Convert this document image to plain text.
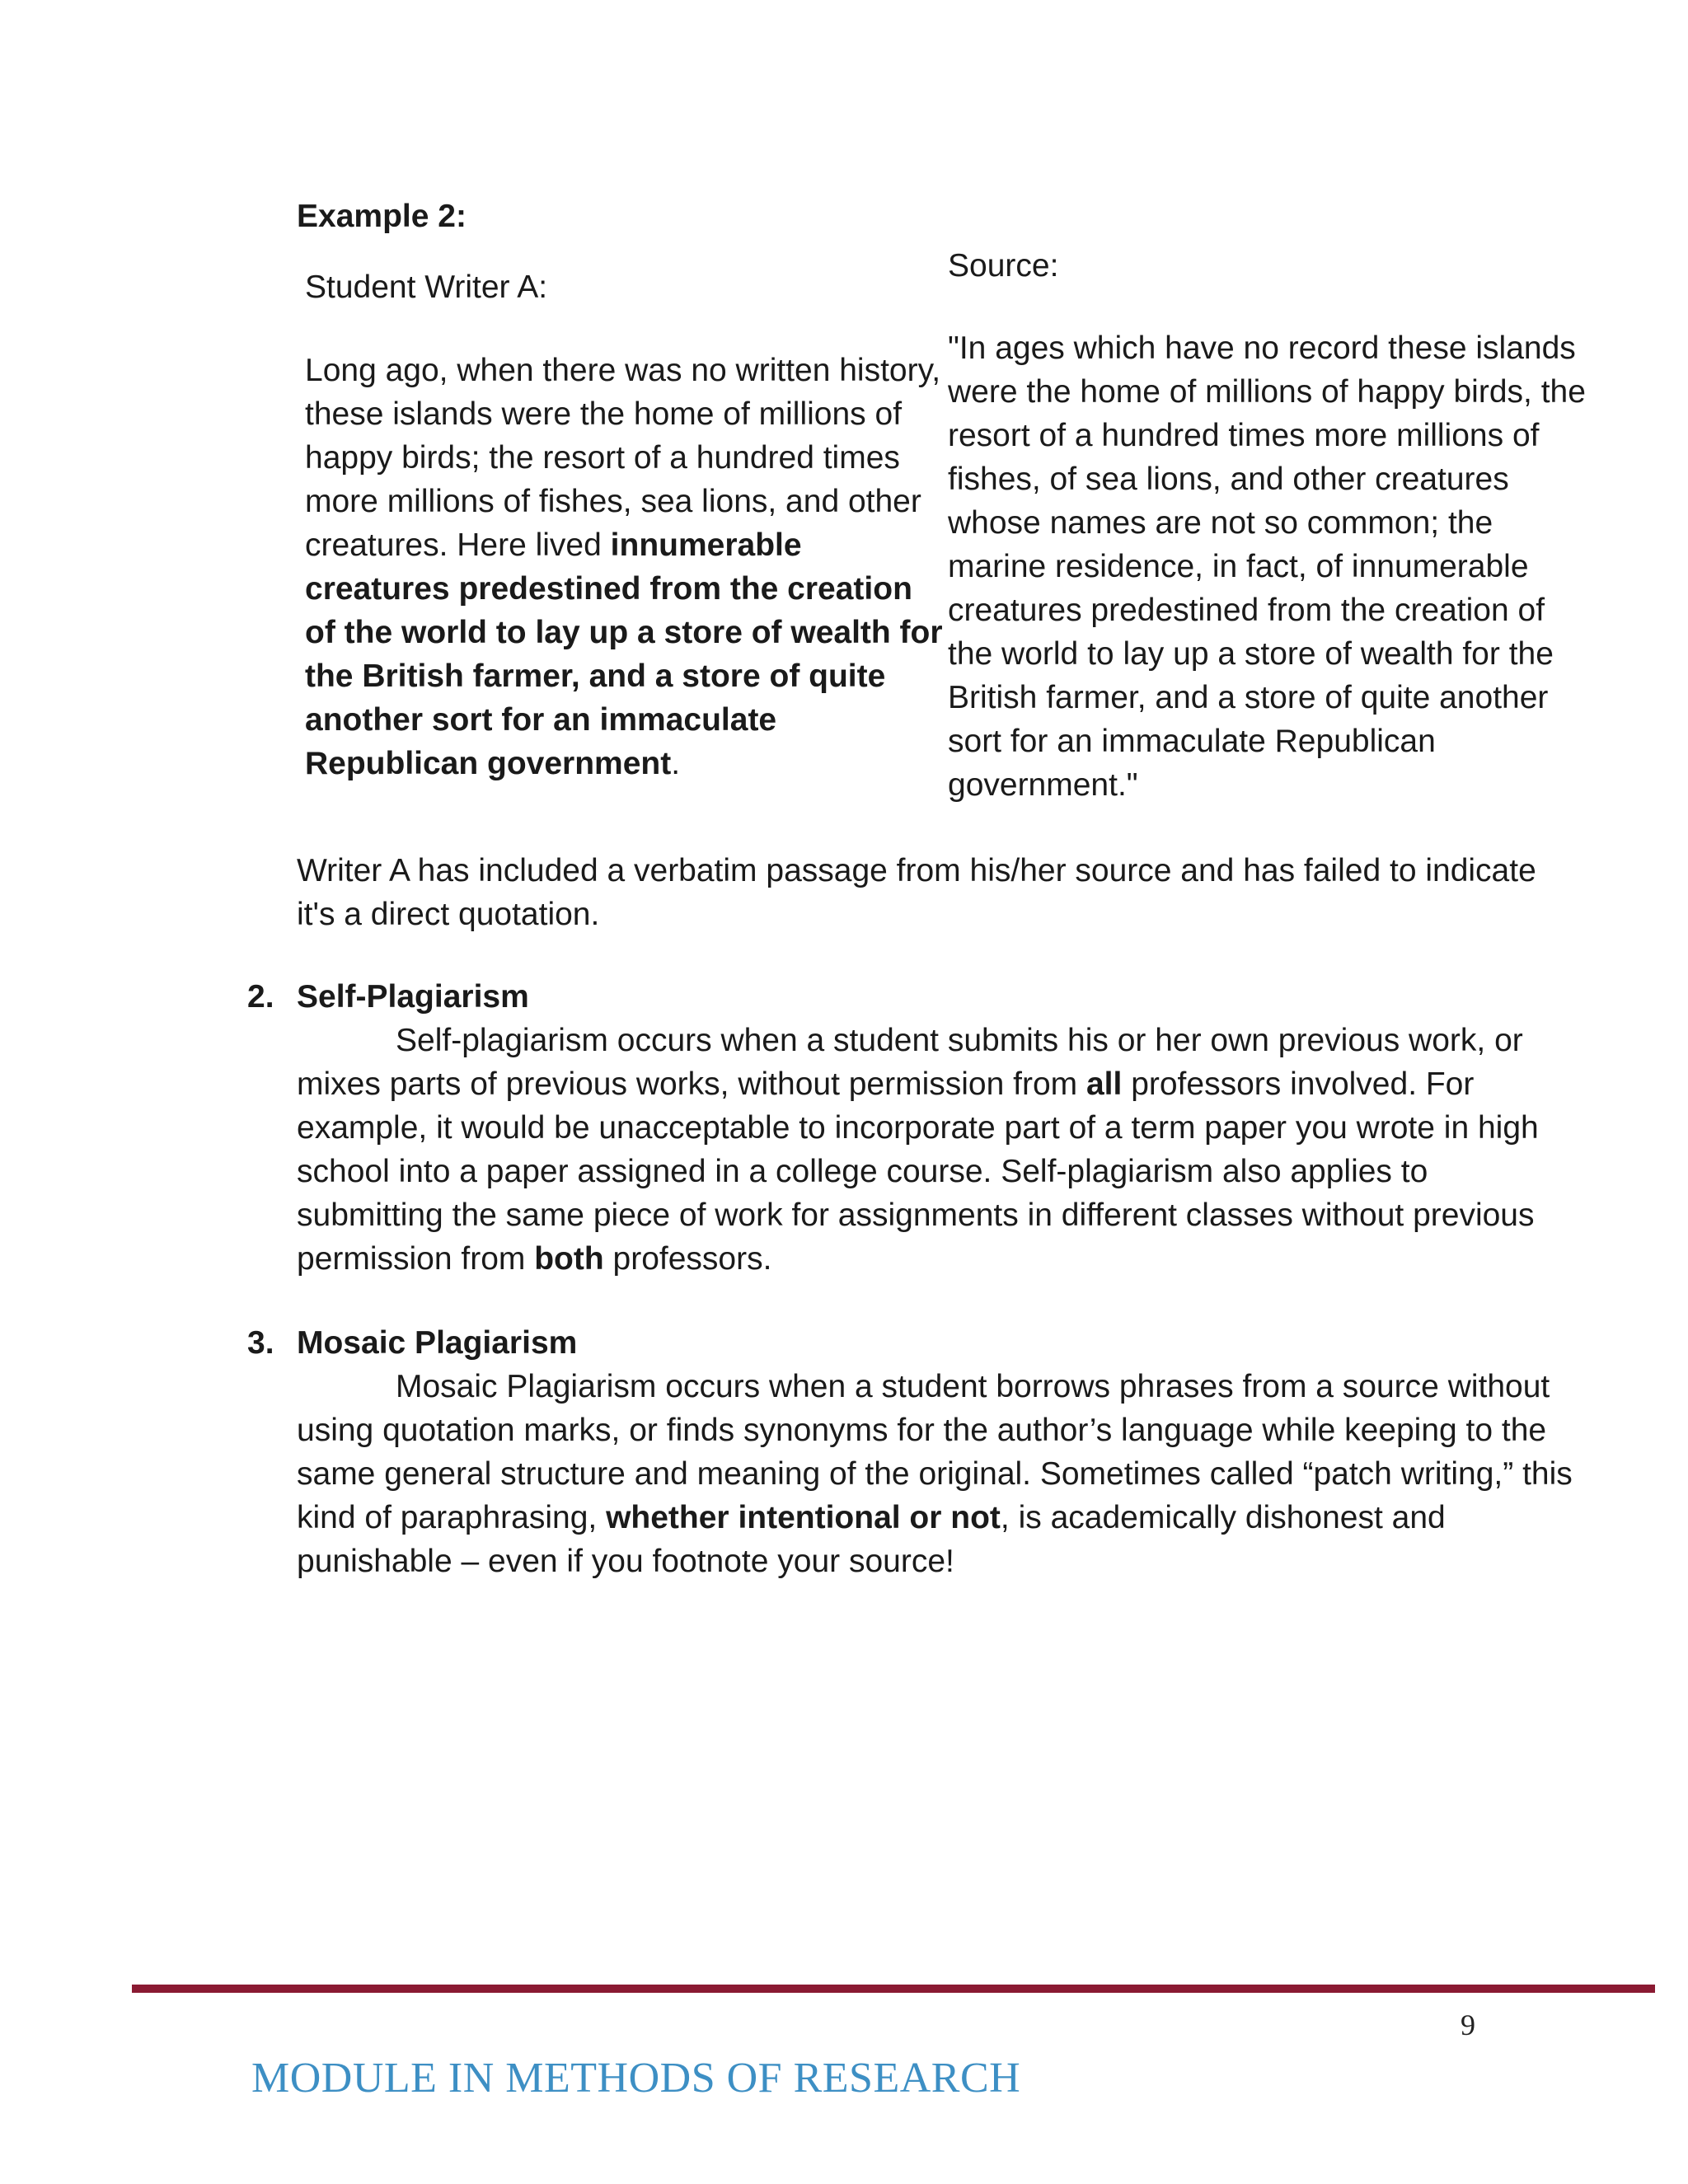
Example 2:

Student Writer A:

Long ago, when there was no written history, these islands were the home of millions of happy birds; the resort of a hundred times more millions of fishes, sea lions, and other creatures. Here lived innumerable creatures predestined from the creation of the world to lay up a store of wealth for the British farmer, and a store of quite another sort for an immaculate Republican government.

Source:

"In ages which have no record these islands were the home of millions of happy birds, the resort of a hundred times more millions of fishes, of sea lions, and other creatures whose names are not so common; the marine residence, in fact, of innumerable creatures predestined from the creation of the world to lay up a store of wealth for the British farmer, and a store of quite another sort for an immaculate Republican government."

Writer A has included a verbatim passage from his/her source and has failed to indicate it's a direct quotation.

2. Self-Plagiarism

Self-plagiarism occurs when a student submits his or her own previous work, or mixes parts of previous works, without permission from all professors involved. For example, it would be unacceptable to incorporate part of a term paper you wrote in high school into a paper assigned in a college course. Self-plagiarism also applies to submitting the same piece of work for assignments in different classes without previous permission from both professors.

3. Mosaic Plagiarism

Mosaic Plagiarism occurs when a student borrows phrases from a source without using quotation marks, or finds synonyms for the author’s language while keeping to the same general structure and meaning of the original. Sometimes called “patch writing,” this kind of paraphrasing, whether intentional or not, is academically dishonest and punishable – even if you footnote your source!

9
MODULE IN METHODS OF RESEARCH
